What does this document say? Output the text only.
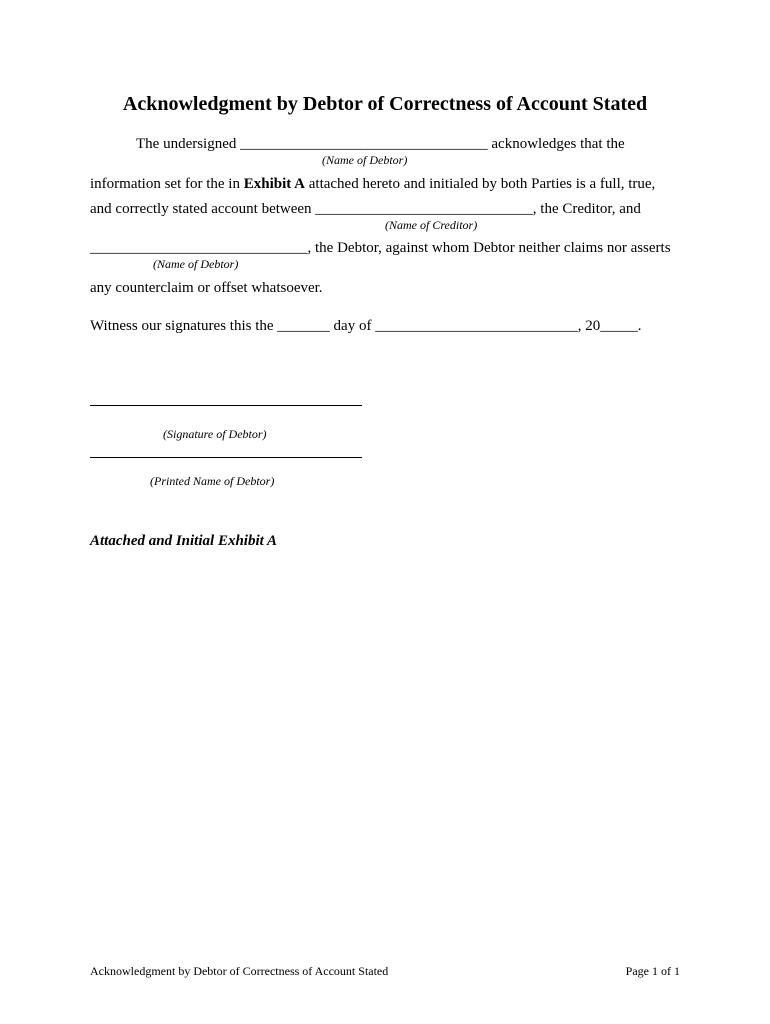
Acknowledgment by Debtor of Correctness of Account Stated
The undersigned _________________________________ acknowledges that the
(Name of Debtor)
information set for the in Exhibit A attached hereto and initialed by both Parties is a full, true,
and correctly stated account between _____________________________, the Creditor, and
(Name of Creditor)
_____________________________, the Debtor, against whom Debtor neither claims nor asserts
(Name of Debtor)
any counterclaim or offset whatsoever.
Witness our signatures this the _______ day of ___________________________, 20_____.
(Signature of Debtor)
(Printed Name of Debtor)
Attached and Initial Exhibit A
Acknowledgment by Debtor of Correctness of Account Stated	Page 1 of 1
